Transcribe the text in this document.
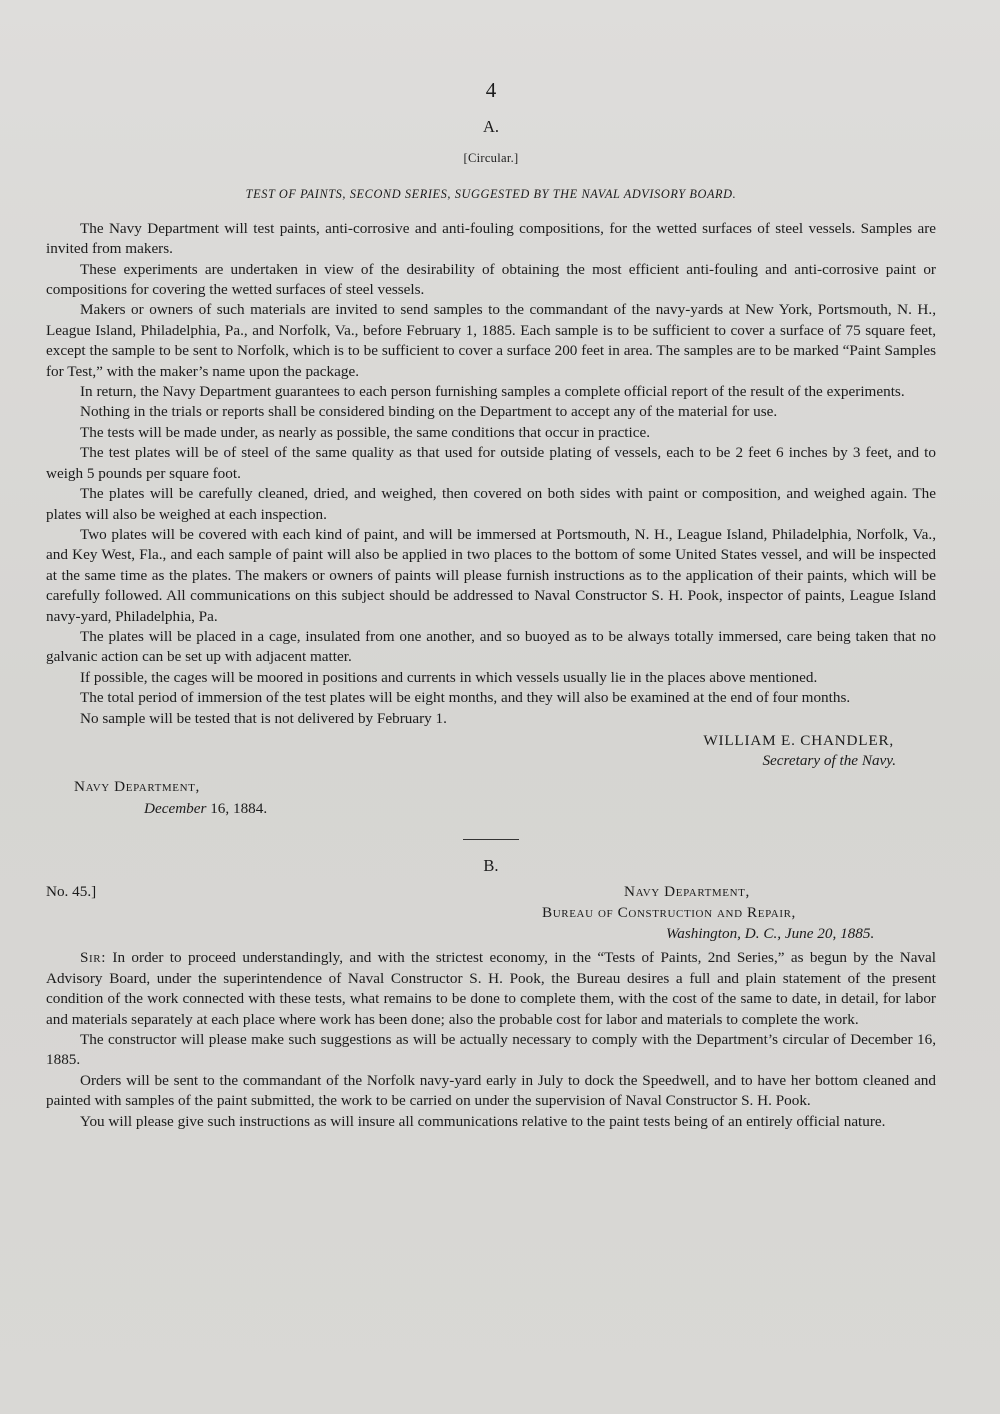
4
A.
[Circular.]
TEST OF PAINTS, SECOND SERIES, SUGGESTED BY THE NAVAL ADVISORY BOARD.

The Navy Department will test paints, anti-corrosive and anti-fouling compositions, for the wetted surfaces of steel vessels. Samples are invited from makers.

These experiments are undertaken in view of the desirability of obtaining the most efficient anti-fouling and anti-corrosive paint or compositions for covering the wetted surfaces of steel vessels.

Makers or owners of such materials are invited to send samples to the commandant of the navy-yards at New York, Portsmouth, N. H., League Island, Philadelphia, Pa., and Norfolk, Va., before February 1, 1885. Each sample is to be sufficient to cover a surface of 75 square feet, except the sample to be sent to Norfolk, which is to be sufficient to cover a surface 200 feet in area. The samples are to be marked “Paint Samples for Test,” with the maker’s name upon the package.

In return, the Navy Department guarantees to each person furnishing samples a complete official report of the result of the experiments.

Nothing in the trials or reports shall be considered binding on the Department to accept any of the material for use.

The tests will be made under, as nearly as possible, the same conditions that occur in practice.

The test plates will be of steel of the same quality as that used for outside plating of vessels, each to be 2 feet 6 inches by 3 feet, and to weigh 5 pounds per square foot.

The plates will be carefully cleaned, dried, and weighed, then covered on both sides with paint or composition, and weighed again. The plates will also be weighed at each inspection.

Two plates will be covered with each kind of paint, and will be immersed at Portsmouth, N. H., League Island, Philadelphia, Norfolk, Va., and Key West, Fla., and each sample of paint will also be applied in two places to the bottom of some United States vessel, and will be inspected at the same time as the plates. The makers or owners of paints will please furnish instructions as to the application of their paints, which will be carefully followed. All communications on this subject should be addressed to Naval Constructor S. H. Pook, inspector of paints, League Island navy-yard, Philadelphia, Pa.

The plates will be placed in a cage, insulated from one another, and so buoyed as to be always totally immersed, care being taken that no galvanic action can be set up with adjacent matter.

If possible, the cages will be moored in positions and currents in which vessels usually lie in the places above mentioned.

The total period of immersion of the test plates will be eight months, and they will also be examined at the end of four months.

No sample will be tested that is not delivered by February 1.

WILLIAM E. CHANDLER,
Secretary of the Navy.
Navy Department,
December 16, 1884.
B.
No. 45.]	Navy Department,
Bureau of Construction and Repair,
Washington, D. C., June 20, 1885.

Sir: In order to proceed understandingly, and with the strictest economy, in the “Tests of Paints, 2nd Series,” as begun by the Naval Advisory Board, under the superintendence of Naval Constructor S. H. Pook, the Bureau desires a full and plain statement of the present condition of the work connected with these tests, what remains to be done to complete them, with the cost of the same to date, in detail, for labor and materials separately at each place where work has been done; also the probable cost for labor and materials to complete the work.

The constructor will please make such suggestions as will be actually necessary to comply with the Department’s circular of December 16, 1885.

Orders will be sent to the commandant of the Norfolk navy-yard early in July to dock the Speedwell, and to have her bottom cleaned and painted with samples of the paint submitted, the work to be carried on under the supervision of Naval Constructor S. H. Pook.

You will please give such instructions as will insure all communications relative to the paint tests being of an entirely official nature.
